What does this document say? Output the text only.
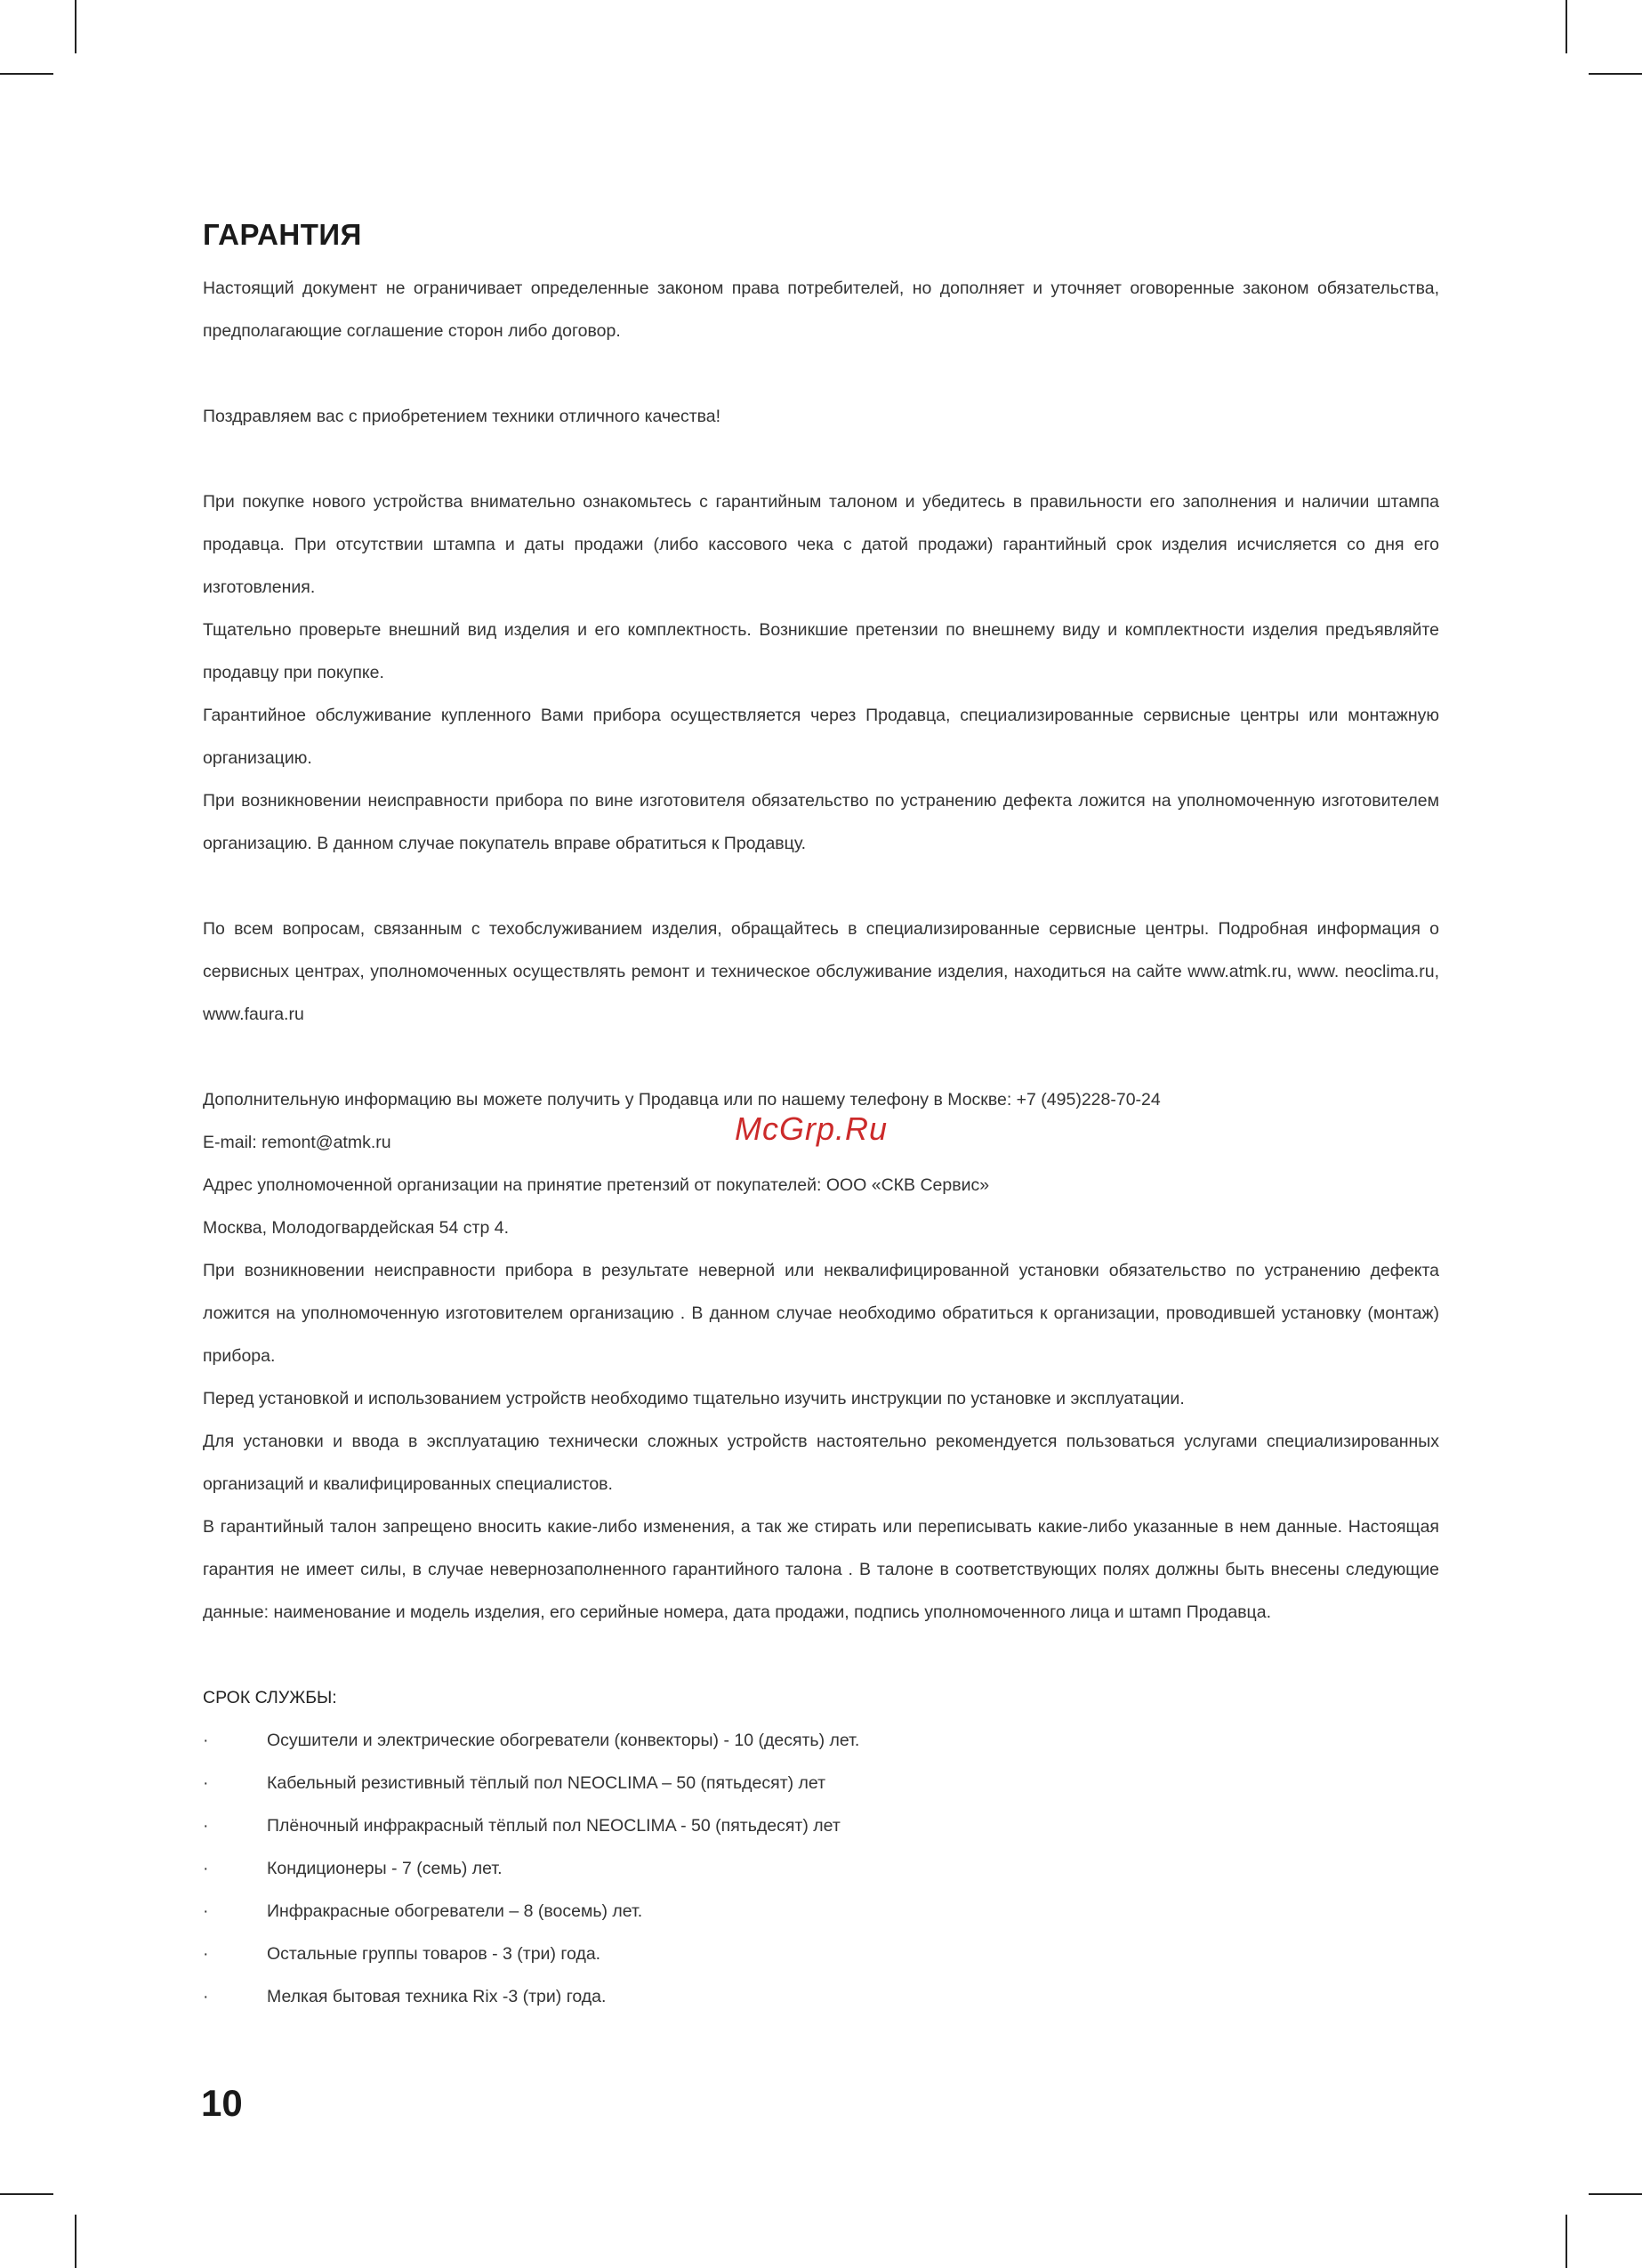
ГАРАНТИЯ

Настоящий документ не ограничивает определенные законом права потребителей, но дополняет и уточняет оговоренные законом обязательства, предполагающие соглашение сторон либо договор.

Поздравляем вас с приобретением техники отличного качества!

При покупке нового устройства внимательно ознакомьтесь с гарантийным талоном и убедитесь в правильности его заполнения и наличии штампа продавца. При отсутствии штампа и даты продажи (либо кассового чека с датой продажи) гарантийный срок изделия исчисляется со дня его изготовления.

Тщательно проверьте внешний вид изделия и его комплектность. Возникшие претензии по внешнему виду и комплектности изделия предъявляйте продавцу при покупке.

Гарантийное обслуживание купленного Вами прибора осуществляется через Продавца, специализированные сервисные центры или монтажную организацию.

При возникновении неисправности прибора по вине изготовителя обязательство по устранению дефекта ложится на уполномоченную изготовителем организацию. В данном случае покупатель вправе обратиться к Продавцу.

По всем вопросам, связанным с техобслуживанием изделия, обращайтесь в специализированные сервисные центры. Подробная информация о сервисных центрах, уполномоченных осуществлять ремонт и техническое обслуживание изделия, находиться на сайте www.atmk.ru, www. neoclima.ru, www.faura.ru

Дополнительную информацию вы можете получить у Продавца или по нашему телефону в Москве: +7 (495)228-70-24

E-mail: remont@atmk.ru

Адрес уполномоченной организации на принятие претензий от покупателей: ООО «СКВ Сервис»

Москва, Молодогвардейская 54 стр 4.

При возникновении неисправности прибора в результате неверной или неквалифицированной установки обязательство по устранению дефекта ложится на уполномоченную изготовителем организацию . В данном случае необходимо обратиться к организации, проводившей установку (монтаж) прибора.

Перед установкой и использованием устройств необходимо тщательно изучить инструкции по установке и эксплуатации.

Для установки и ввода в эксплуатацию технически сложных устройств настоятельно рекомендуется пользоваться услугами специализированных организаций и квалифицированных специалистов.

В гарантийный талон запрещено вносить какие-либо изменения, а так же стирать или переписывать какие-либо указанные в нем данные. Настоящая гарантия не имеет силы, в случае невернозаполненного гарантийного талона . В талоне в соответствующих полях должны быть внесены следующие данные: наименование и модель изделия, его серийные номера, дата продажи, подпись уполномоченного лица и штамп Продавца.

СРОК СЛУЖБЫ:

·	Осушители и электрические обогреватели (конвекторы) - 10 (десять) лет.
·	Кабельный резистивный тёплый пол NEOCLIMA – 50 (пятьдесят) лет
·	Плёночный инфракрасный тёплый пол NEOCLIMA - 50 (пятьдесят) лет
·	Кондиционеры - 7 (семь) лет.
·	Инфракрасные обогреватели – 8 (восемь) лет.
·	Остальные группы товаров - 3 (три) года.
·	Мелкая бытовая техника Rix -3 (три) года.
McGrp.Ru
10
